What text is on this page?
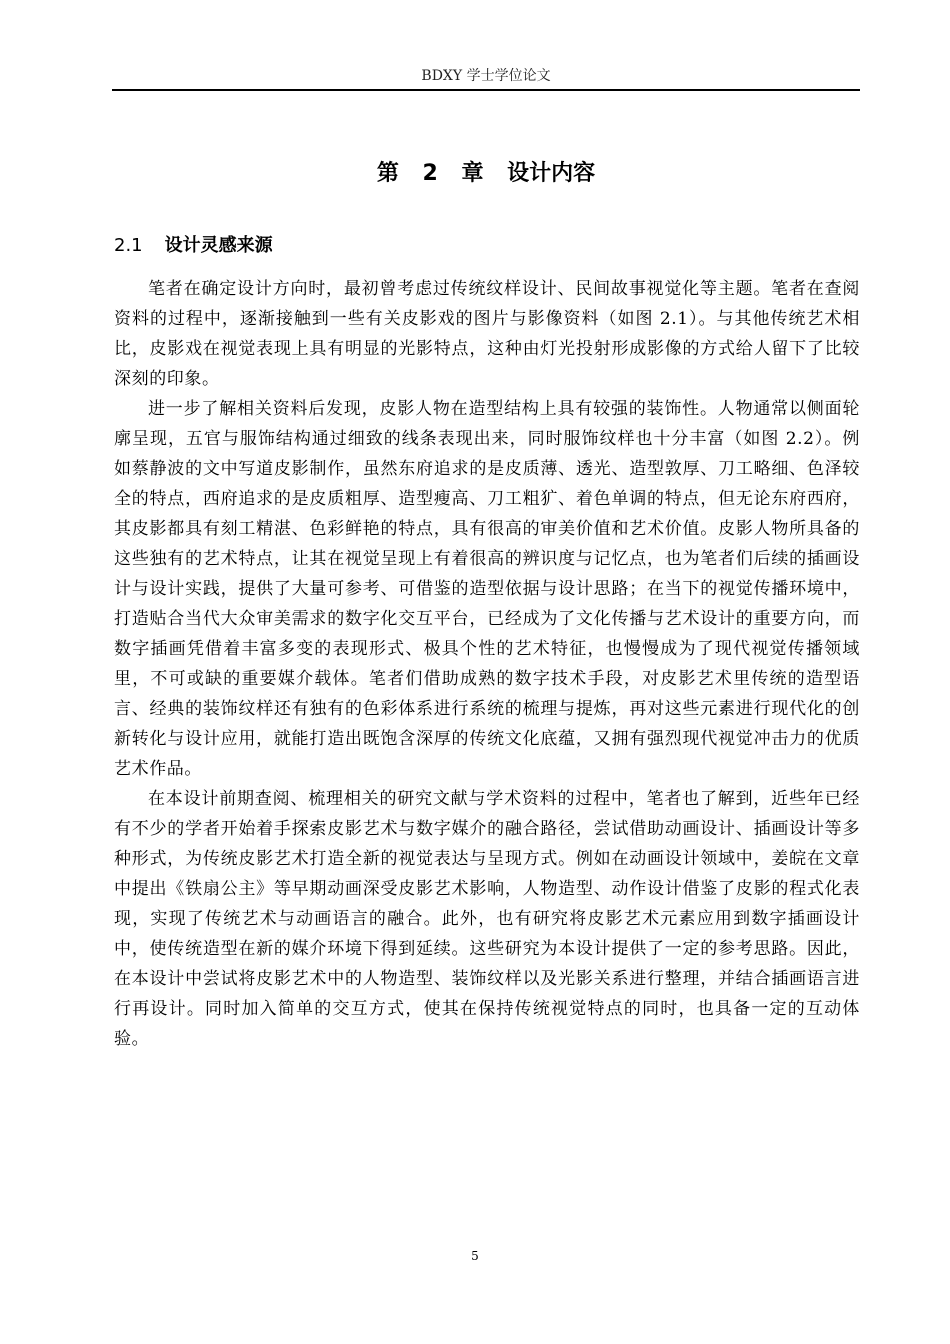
BDXY 学士学位论文
第 2 章 设计内容
2.1 设计灵感来源

笔者在确定设计方向时，最初曾考虑过传统纹样设计、民间故事视觉化等主题。笔者在查阅资料的过程中，逐渐接触到一些有关皮影戏的图片与影像资料（如图 2.1）。与其他传统艺术相比，皮影戏在视觉表现上具有明显的光影特点，这种由灯光投射形成影像的方式给人留下了比较深刻的印象。

进一步了解相关资料后发现，皮影人物在造型结构上具有较强的装饰性。人物通常以侧面轮廓呈现，五官与服饰结构通过细致的线条表现出来，同时服饰纹样也十分丰富（如图 2.2）。例如蔡静波的文中写道皮影制作，虽然东府追求的是皮质薄、透光、造型敦厚、刀工略细、色泽较全的特点，西府追求的是皮质粗厚、造型瘦高、刀工粗犷、着色单调的特点，但无论东府西府，其皮影都具有刻工精湛、色彩鲜艳的特点，具有很高的审美价值和艺术价值。皮影人物所具备的这些独有的艺术特点，让其在视觉呈现上有着很高的辨识度与记忆点，也为笔者们后续的插画设计与设计实践，提供了大量可参考、可借鉴的造型依据与设计思路；在当下的视觉传播环境中，打造贴合当代大众审美需求的数字化交互平台，已经成为了文化传播与艺术设计的重要方向，而数字插画凭借着丰富多变的表现形式、极具个性的艺术特征，也慢慢成为了现代视觉传播领域里，不可或缺的重要媒介载体。笔者们借助成熟的数字技术手段，对皮影艺术里传统的造型语言、经典的装饰纹样还有独有的色彩体系进行系统的梳理与提炼，再对这些元素进行现代化的创新转化与设计应用，就能打造出既饱含深厚的传统文化底蕴，又拥有强烈现代视觉冲击力的优质艺术作品。

在本设计前期查阅、梳理相关的研究文献与学术资料的过程中，笔者也了解到，近些年已经有不少的学者开始着手探索皮影艺术与数字媒介的融合路径，尝试借助动画设计、插画设计等多种形式，为传统皮影艺术打造全新的视觉表达与呈现方式。例如在动画设计领域中，姜皖在文章中提出《铁扇公主》等早期动画深受皮影艺术影响，人物造型、动作设计借鉴了皮影的程式化表现，实现了传统艺术与动画语言的融合。此外，也有研究将皮影艺术元素应用到数字插画设计中，使传统造型在新的媒介环境下得到延续。这些研究为本设计提供了一定的参考思路。因此，在本设计中尝试将皮影艺术中的人物造型、装饰纹样以及光影关系进行整理，并结合插画语言进行再设计。同时加入简单的交互方式，使其在保持传统视觉特点的同时，也具备一定的互动体验。

5
